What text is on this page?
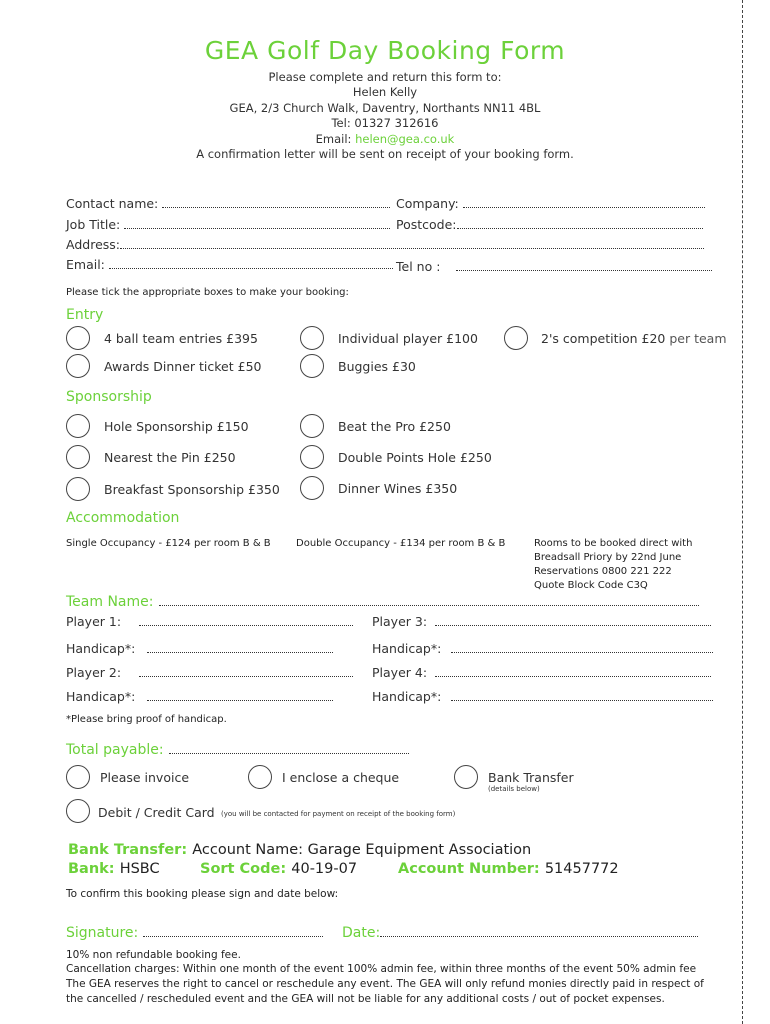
GEA Golf Day Booking Form
Please complete and return this form to:
Helen Kelly
GEA, 2/3 Church Walk, Daventry, Northants NN11 4BL
Tel: 01327 312616
Email: helen@gea.co.uk
A confirmation letter will be sent on receipt of your booking form.
Contact name:	Company:
Job Title:	Postcode:
Address:
Email:	Tel no :
Please tick the appropriate boxes to make your booking:
Entry
4 ball team entries £395	Individual player £100	2's competition £20 per team
Awards Dinner ticket £50	Buggies £30
Sponsorship
Hole Sponsorship £150	Beat the Pro £250
Nearest the Pin £250	Double Points Hole £250
Breakfast Sponsorship £350	Dinner Wines £350
Accommodation
Single Occupancy - £124 per room B & B	Double Occupancy - £134 per room B & B	Rooms to be booked direct with
Breadsall Priory by 22nd June
Reservations 0800 221 222
Quote Block Code C3Q
Team Name:
Player 1:	Player 3:
Handicap*:	Handicap*:
Player 2:	Player 4:
Handicap*:	Handicap*:
*Please bring proof of handicap.
Total payable:
Please invoice	I enclose a cheque	Bank Transfer
(details below)
Debit / Credit Card (you will be contacted for payment on receipt of the booking form)
Bank Transfer: Account Name: Garage Equipment Association
Bank: HSBC	Sort Code: 40-19-07	Account Number: 51457772
To confirm this booking please sign and date below:
Signature:	Date:
10% non refundable booking fee.
Cancellation charges: Within one month of the event 100% admin fee, within three months of the event 50% admin fee
The GEA reserves the right to cancel or reschedule any event. The GEA will only refund monies directly paid in respect of
the cancelled / rescheduled event and the GEA will not be liable for any additional costs / out of pocket expenses.
